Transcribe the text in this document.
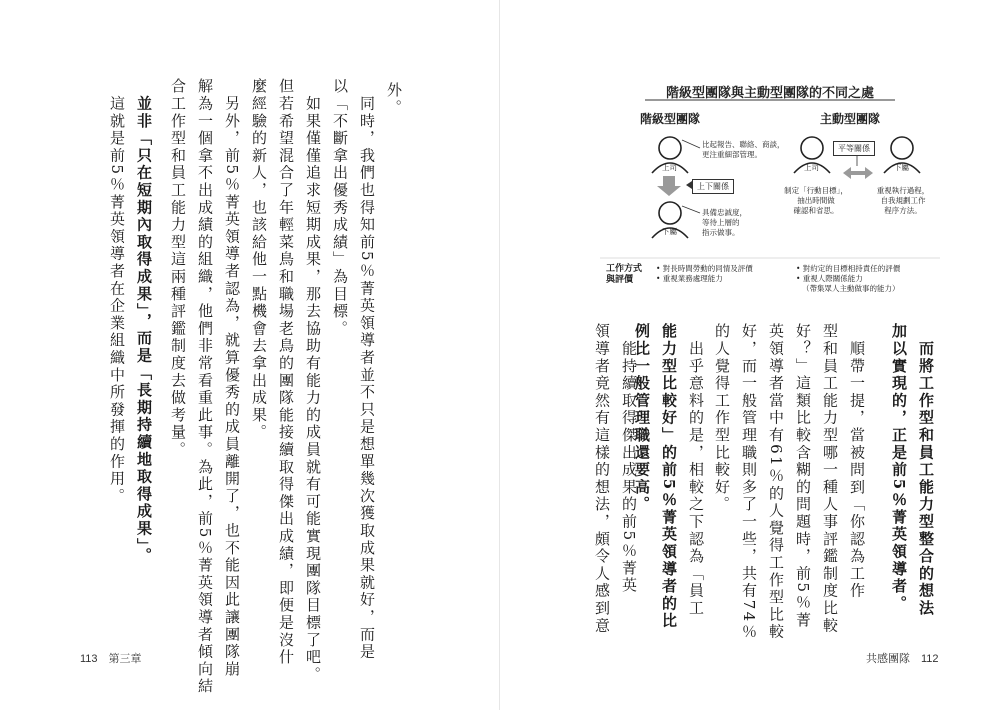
外。
　同時，我們也得知前5％菁英領導者並不只是想單幾次獲取成果就好，而是
以「不斷拿出優秀成績」為目標。
　如果僅僅追求短期成果，那去協助有能力的成員就有可能實現團隊目標了吧。
但若希望混合了年輕菜鳥和職場老鳥的團隊能接續取得傑出成績，即便是沒什
麼經驗的新人，也該給他一點機會去拿出成果。
　另外，前5％菁英領導者認為，就算優秀的成員離開了，也不能因此讓團隊崩
解為一個拿不出成績的組織，他們非常看重此事。為此，前5％菁英領導者傾向結
合工作型和員工能力型這兩種評鑑制度去做考量。
　並非「只在短期內取得成果」，而是「長期持續地取得成果」。
　這就是前5％菁英領導者在企業組織中所發揮的作用。	　而將工作型和員工能力型整合的想法
加以實現的，正是前5％菁英領導者。
　順帶一提，當被問到「你認為工作
型和員工能力型哪一種人事評鑑制度比較
好？」這類比較含糊的問題時，前5％菁
英領導者當中有61％的人覺得工作型比較
好，而一般管理職則多了一些，共有74％
的人覺得工作型比較好。
　出乎意料的是，相較之下認為「員工
能力型比較好」的前5％菁英領導者的比
例比一般管理職還要高。
　能持續取得傑出成果的前5％菁英
領導者竟然有這樣的想法，頗令人感到意
階級型團隊與主動型團隊的不同之處
階級型團隊	主動型團隊
上司
下屬
比起報告、聯絡、商談，
更注重細部管理。
上下關係
具備忠誠度，
等待上層的
指示做事。
平等關係
上司	下屬
制定「行動目標」，
抽出時間做
確認和省思。
重視執行過程，
自我規劃工作
程序方法。
工作方式
與評價
• 對長時間勞動的同情及評價
• 重視業務處理能力
• 對約定的目標相持責任的評價
• 重視人際關係能力
（帶集眾人主動做事的能力）
113　第三章	共感團隊　112
